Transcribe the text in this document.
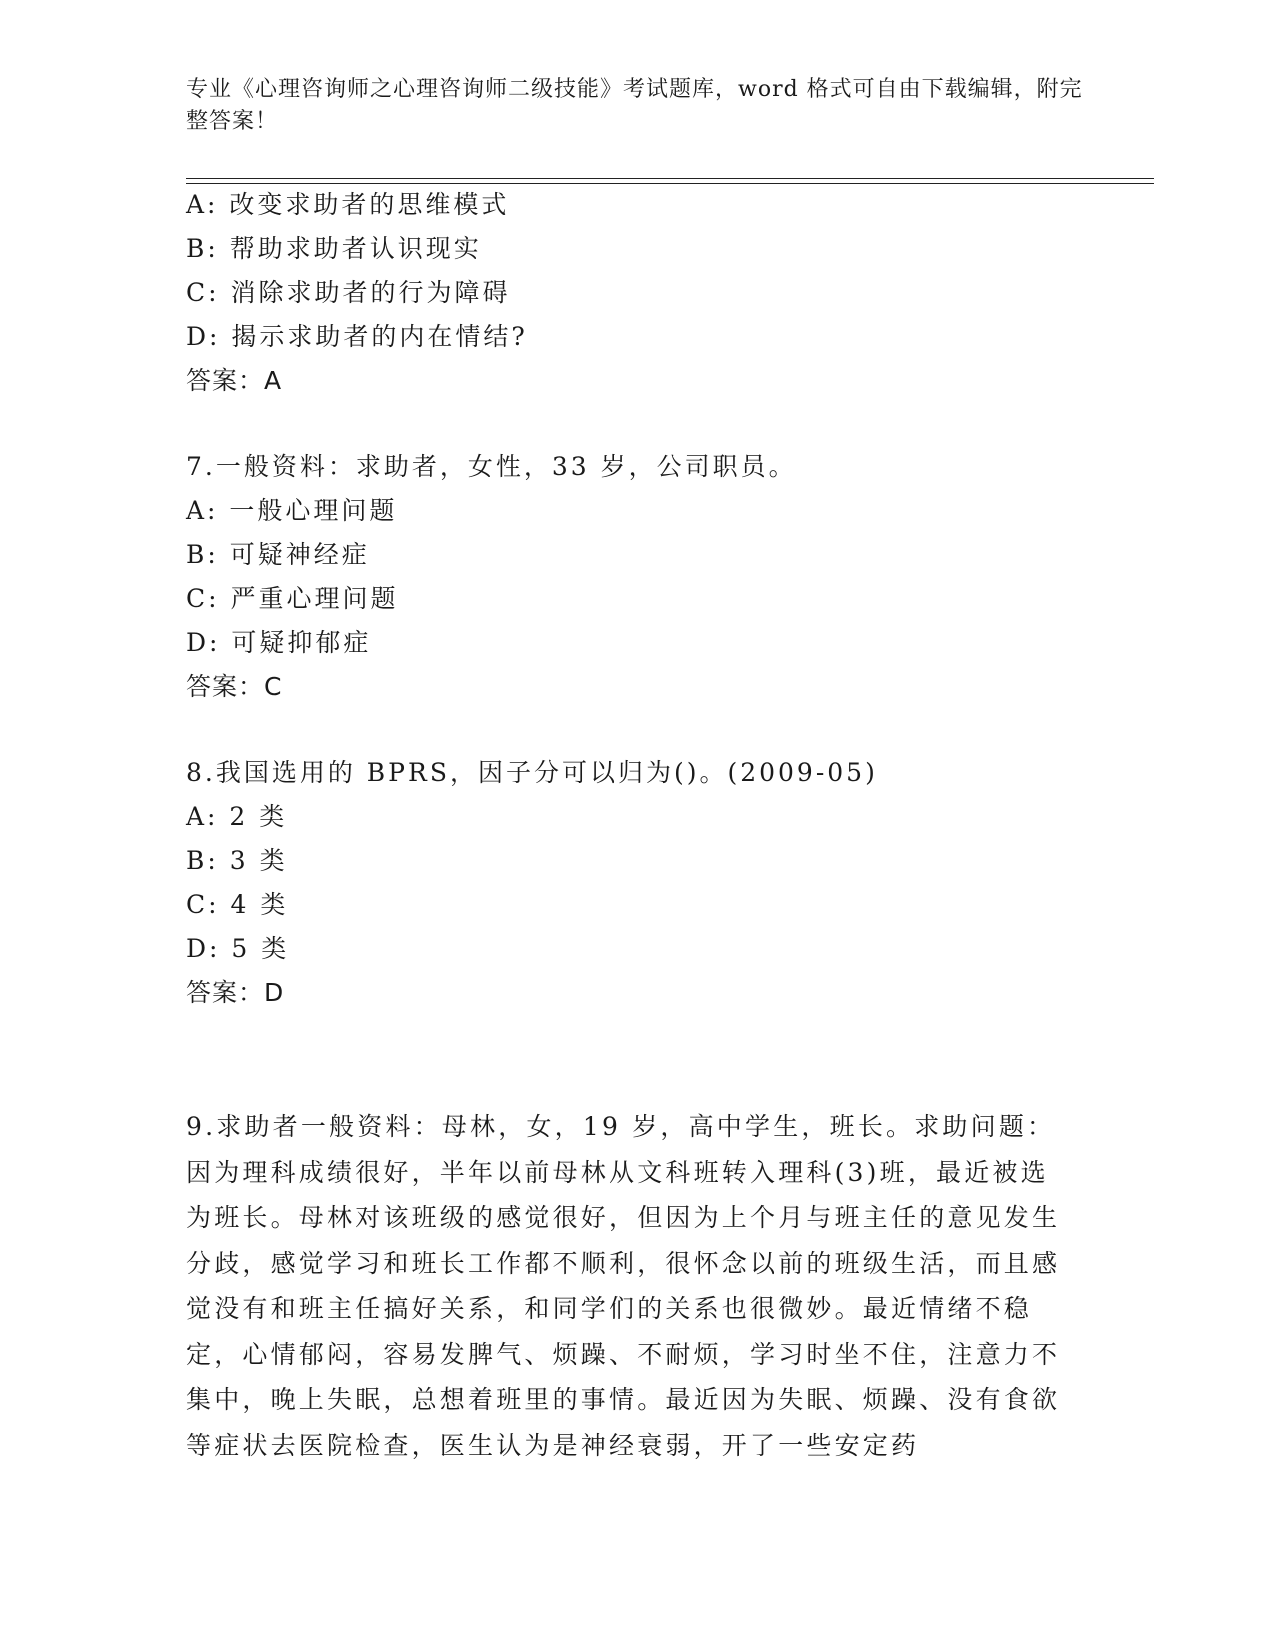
专业《心理咨询师之心理咨询师二级技能》考试题库，word 格式可自由下载编辑，附完整答案！
A: 改变求助者的思维模式
B: 帮助求助者认识现实
C: 消除求助者的行为障碍
D: 揭示求助者的内在情结?
答案：A
7.一般资料：求助者，女性，33 岁，公司职员。
A: 一般心理问题
B: 可疑神经症
C: 严重心理问题
D: 可疑抑郁症
答案：C
8.我国选用的 BPRS，因子分可以归为()。(2009-05)
A: 2 类
B: 3 类
C: 4 类
D: 5 类
答案：D
9.求助者一般资料：母林，女，19 岁，高中学生，班长。求助问题：因为理科成绩很好，半年以前母林从文科班转入理科(3)班，最近被选为班长。母林对该班级的感觉很好，但因为上个月与班主任的意见发生分歧，感觉学习和班长工作都不顺利，很怀念以前的班级生活，而且感觉没有和班主任搞好关系，和同学们的关系也很微妙。最近情绪不稳定，心情郁闷，容易发脾气、烦躁、不耐烦，学习时坐不住，注意力不集中，晚上失眠，总想着班里的事情。最近因为失眠、烦躁、没有食欲等症状去医院检查，医生认为是神经衰弱，开了一些安定药
